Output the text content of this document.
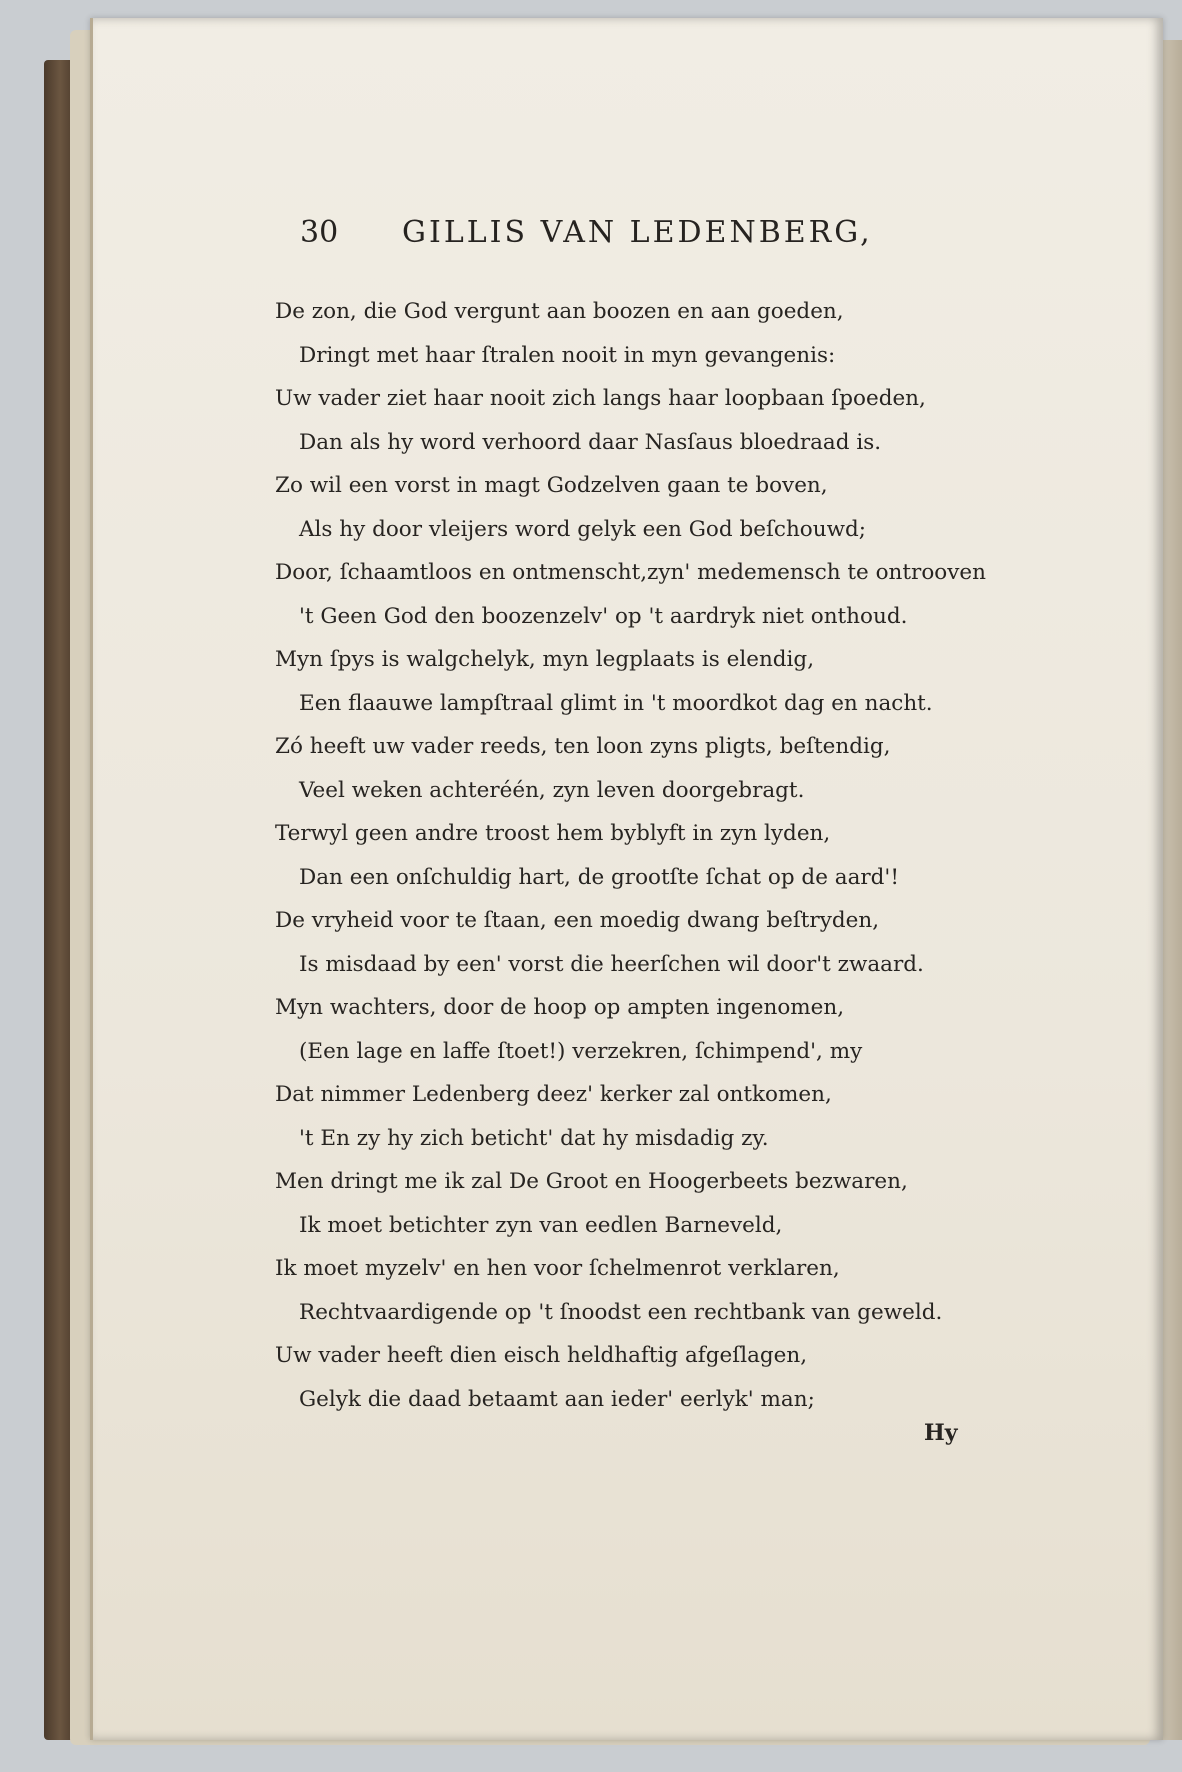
30 GILLIS VAN LEDENBERG,
De zon, die God vergunt aan boozen en aan goeden,
Dringt met haar ſtralen nooit in myn gevangenis:
Uw vader ziet haar nooit zich langs haar loopbaan ſpoeden,
Dan als hy word verhoord daar Nasſaus bloedraad is.
Zo wil een vorst in magt Godzelven gaan te boven,
Als hy door vleijers word gelyk een God beſchouwd;
Door, ſchaamtloos en ontmenscht,zyn' medemensch te ontrooven
't Geen God den boozenzelv' op 't aardryk niet onthoud.
Myn ſpys is walgchelyk, myn legplaats is elendig,
Een flaauwe lampſtraal glimt in 't moordkot dag en nacht.
Zó heeft uw vader reeds, ten loon zyns pligts, beſtendig,
Veel weken achteréén, zyn leven doorgebragt.
Terwyl geen andre troost hem byblyft in zyn lyden,
Dan een onſchuldig hart, de grootſte ſchat op de aard'!
De vryheid voor te ſtaan, een moedig dwang beſtryden,
Is misdaad by een' vorst die heerſchen wil door't zwaard.
Myn wachters, door de hoop op ampten ingenomen,
(Een lage en laffe ſtoet!) verzekren, ſchimpend', my
Dat nimmer Ledenberg deez' kerker zal ontkomen,
't En zy hy zich beticht' dat hy misdadig zy.
Men dringt me ik zal De Groot en Hoogerbeets bezwaren,
Ik moet betichter zyn van eedlen Barneveld,
Ik moet myzelv' en hen voor ſchelmenrot verklaren,
Rechtvaardigende op 't ſnoodst een rechtbank van geweld.
Uw vader heeft dien eisch heldhaftig afgeſlagen,
Gelyk die daad betaamt aan ieder' eerlyk' man;
Hy
